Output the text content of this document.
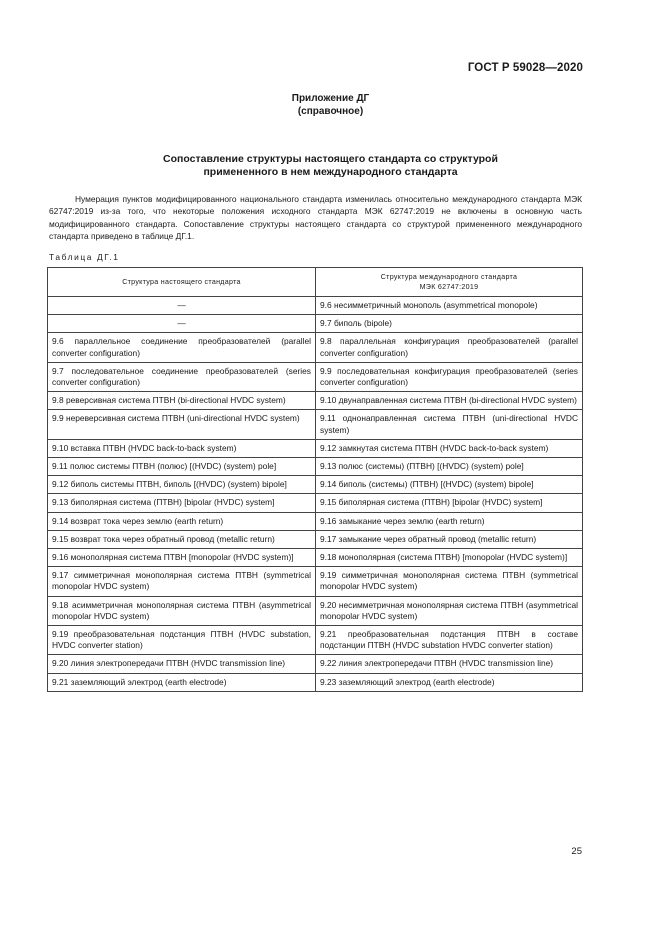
ГОСТ Р 59028—2020
Приложение ДГ
(справочное)
Сопоставление структуры настоящего стандарта со структурой
примененного в нем международного стандарта

Нумерация пунктов модифицированного национального стандарта изменилась относительно международного стандарта МЭК 62747:2019 из-за того, что некоторые положения исходного стандарта МЭК 62747:2019 не включены в основную часть модифицированного стандарта. Сопоставление структуры настоящего стандарта со структурой примененного международного стандарта приведено в таблице ДГ.1.

Таблица ДГ.1
Структура настоящего стандарта	Структура международного стандарта
МЭК 62747:2019

—	9.6 несимметричный монополь (asymmetrical monopole)
—	9.7 биполь (bipole)
9.6 параллельное соединение преобразователей (parallel converter configuration)	9.8 параллельная конфигурация преобразователей (parallel converter configuration)
9.7 последовательное соединение преобразователей (series converter configuration)	9.9 последовательная конфигурация преобразователей (series converter configuration)
9.8 реверсивная система ПТВН (bi-directional HVDC system)	9.10 двунаправленная система ПТВН (bi-directional HVDC system)
9.9 нереверсивная система ПТВН (uni-directional HVDC system)	9.11 однонаправленная система ПТВН (uni-directional HVDC system)
9.10 вставка ПТВН (HVDC back-to-back system)	9.12 замкнутая система ПТВН (HVDC back-to-back system)
9.11 полюс системы ПТВН (полюс) [(HVDC) (system) pole]	9.13 полюс (системы) (ПТВН) [(HVDC) (system) pole]
9.12 биполь системы ПТВН, биполь [(HVDC) (system) bipole]	9.14 биполь (системы) (ПТВН) [(HVDC) (system) bipole]
9.13 биполярная система (ПТВН) [bipolar (HVDC) system]	9.15 биполярная система (ПТВН) [bipolar (HVDC) system]
9.14 возврат тока через землю (earth return)	9.16 замыкание через землю (earth return)
9.15 возврат тока через обратный провод (metallic return)	9.17 замыкание через обратный провод (metallic return)
9.16 монополярная система ПТВН [monopolar (HVDC system)]	9.18 монополярная (система ПТВН) [monopolar (HVDC system)]
9.17 симметричная монополярная система ПТВН (symmetrical monopolar HVDC system)	9.19 симметричная монополярная система ПТВН (symmetrical monopolar HVDC system)
9.18 асимметричная монополярная система ПТВН (asymmetrical monopolar HVDC system)	9.20 несимметричная монополярная система ПТВН (asymmetrical monopolar HVDC system)
9.19 преобразовательная подстанция ПТВН (HVDC substation, HVDC converter station)	9.21 преобразовательная подстанция ПТВН в составе подстанции ПТВН (HVDC substation HVDC converter station)
9.20 линия электропередачи ПТВН (HVDC transmission line)	9.22 линия электропередачи ПТВН (HVDC transmission line)
9.21 заземляющий электрод (earth electrode)	9.23 заземляющий электрод (earth electrode)
25
